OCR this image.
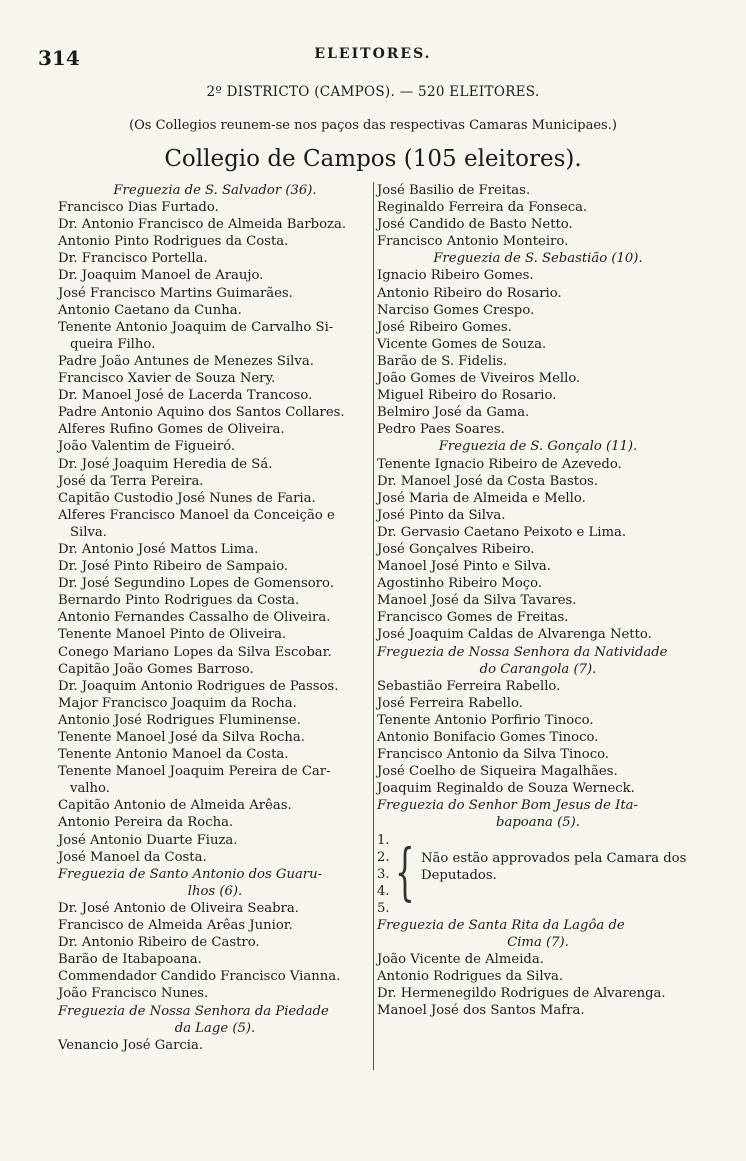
314	ELEITORES.
2º DISTRICTO (CAMPOS). — 520 ELEITORES.
(Os Collegios reunem-se nos paços das respectivas Camaras Municipaes.)
Collegio de Campos (105 eleitores).
Freguezia de S. Salvador (36).
Francisco Dias Furtado.
Dr. Antonio Francisco de Almeida Barboza.
Antonio Pinto Rodrigues da Costa.
Dr. Francisco Portella.
Dr. Joaquim Manoel de Araujo.
José Francisco Martins Guimarães.
Antonio Caetano da Cunha.
Tenente Antonio Joaquim de Carvalho Si-
queira Filho.
Padre João Antunes de Menezes Silva.
Francisco Xavier de Souza Nery.
Dr. Manoel José de Lacerda Trancoso.
Padre Antonio Aquino dos Santos Collares.
Alferes Rufino Gomes de Oliveira.
João Valentim de Figueiró.
Dr. José Joaquim Heredia de Sá.
José da Terra Pereira.
Capitão Custodio José Nunes de Faria.
Alferes Francisco Manoel da Conceição e
Silva.
Dr. Antonio José Mattos Lima.
Dr. José Pinto Ribeiro de Sampaio.
Dr. José Segundino Lopes de Gomensoro.
Bernardo Pinto Rodrigues da Costa.
Antonio Fernandes Cassalho de Oliveira.
Tenente Manoel Pinto de Oliveira.
Conego Mariano Lopes da Silva Escobar.
Capitão João Gomes Barroso.
Dr. Joaquim Antonio Rodrigues de Passos.
Major Francisco Joaquim da Rocha.
Antonio José Rodrigues Fluminense.
Tenente Manoel José da Silva Rocha.
Tenente Antonio Manoel da Costa.
Tenente Manoel Joaquim Pereira de Car-
valho.
Capitão Antonio de Almeida Arêas.
Antonio Pereira da Rocha.
José Antonio Duarte Fiuza.
José Manoel da Costa.
Freguezia de Santo Antonio dos Guaru-
lhos (6).
Dr. José Antonio de Oliveira Seabra.
Francisco de Almeida Arêas Junior.
Dr. Antonio Ribeiro de Castro.
Barão de Itabapoana.
Commendador Candido Francisco Vianna.
João Francisco Nunes.
Freguezia de Nossa Senhora da Piedade
da Lage (5).
Venancio José Garcia.
José Basilio de Freitas.
Reginaldo Ferreira da Fonseca.
José Candido de Basto Netto.
Francisco Antonio Monteiro.
Freguezia de S. Sebastião (10).
Ignacio Ribeiro Gomes.
Antonio Ribeiro do Rosario.
Narciso Gomes Crespo.
José Ribeiro Gomes.
Vicente Gomes de Souza.
Barão de S. Fidelis.
João Gomes de Viveiros Mello.
Miguel Ribeiro do Rosario.
Belmiro José da Gama.
Pedro Paes Soares.
Freguezia de S. Gonçalo (11).
Tenente Ignacio Ribeiro de Azevedo.
Dr. Manoel José da Costa Bastos.
José Maria de Almeida e Mello.
José Pinto da Silva.
Dr. Gervasio Caetano Peixoto e Lima.
José Gonçalves Ribeiro.
Manoel José Pinto e Silva.
Agostinho Ribeiro Moço.
Manoel José da Silva Tavares.
Francisco Gomes de Freitas.
José Joaquim Caldas de Alvarenga Netto.
Freguezia de Nossa Senhora da Natividade
do Carangola (7).
Sebastião Ferreira Rabello.
José Ferreira Rabello.
Tenente Antonio Porfirio Tinoco.
Antonio Bonifacio Gomes Tinoco.
Francisco Antonio da Silva Tinoco.
José Coelho de Siqueira Magalhães.
Joaquim Reginaldo de Souza Werneck.
Freguezia do Senhor Bom Jesus de Ita-
bapoana (5).
1.
2.
3.
4.
5.
{ Não estão approvados pela Camara dos Deputados.
Freguezia de Santa Rita da Lagôa de
Cima (7).
João Vicente de Almeida.
Antonio Rodrigues da Silva.
Dr. Hermenegildo Rodrigues de Alvarenga.
Manoel José dos Santos Mafra.
